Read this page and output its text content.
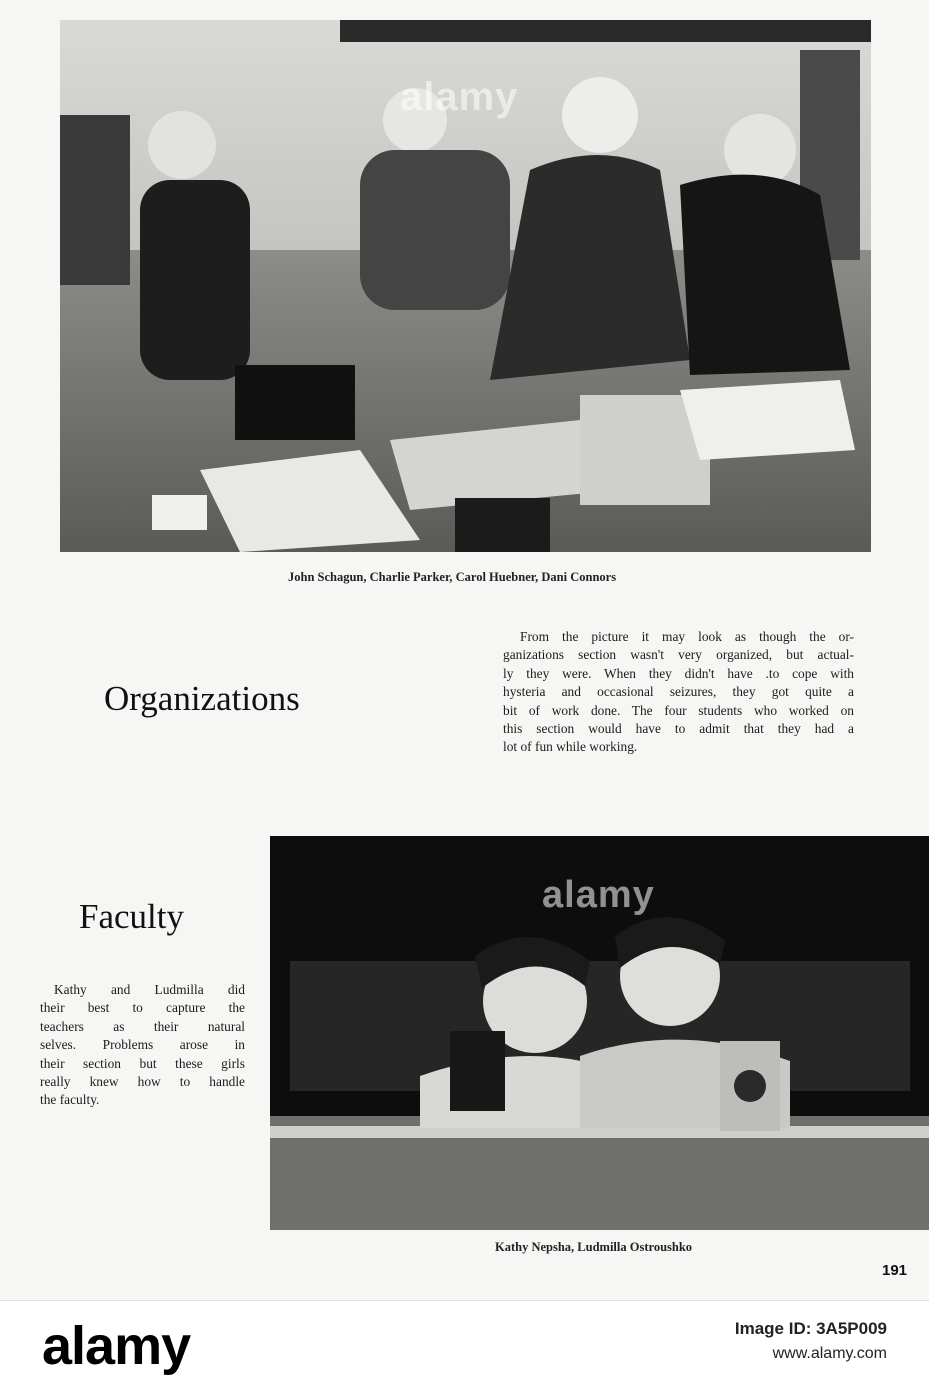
alamy
John Schagun, Charlie Parker, Carol Huebner, Dani Connors
Organizations
From the picture it may look as though the or-
ganizations section wasn't very organized, but actual-
ly they were. When they didn't have .to cope with
hysteria and occasional seizures, they got quite a
bit of work done. The four students who worked on
this section would have to admit that they had a
lot of fun while working.
alamy
Faculty
Kathy and Ludmilla did
their best to capture the
teachers as their natural
selves. Problems arose in
their section but these girls
really knew how to handle
the faculty.
Kathy Nepsha, Ludmilla Ostroushko
191
alamy	Image ID: 3A5P009
www.alamy.com
